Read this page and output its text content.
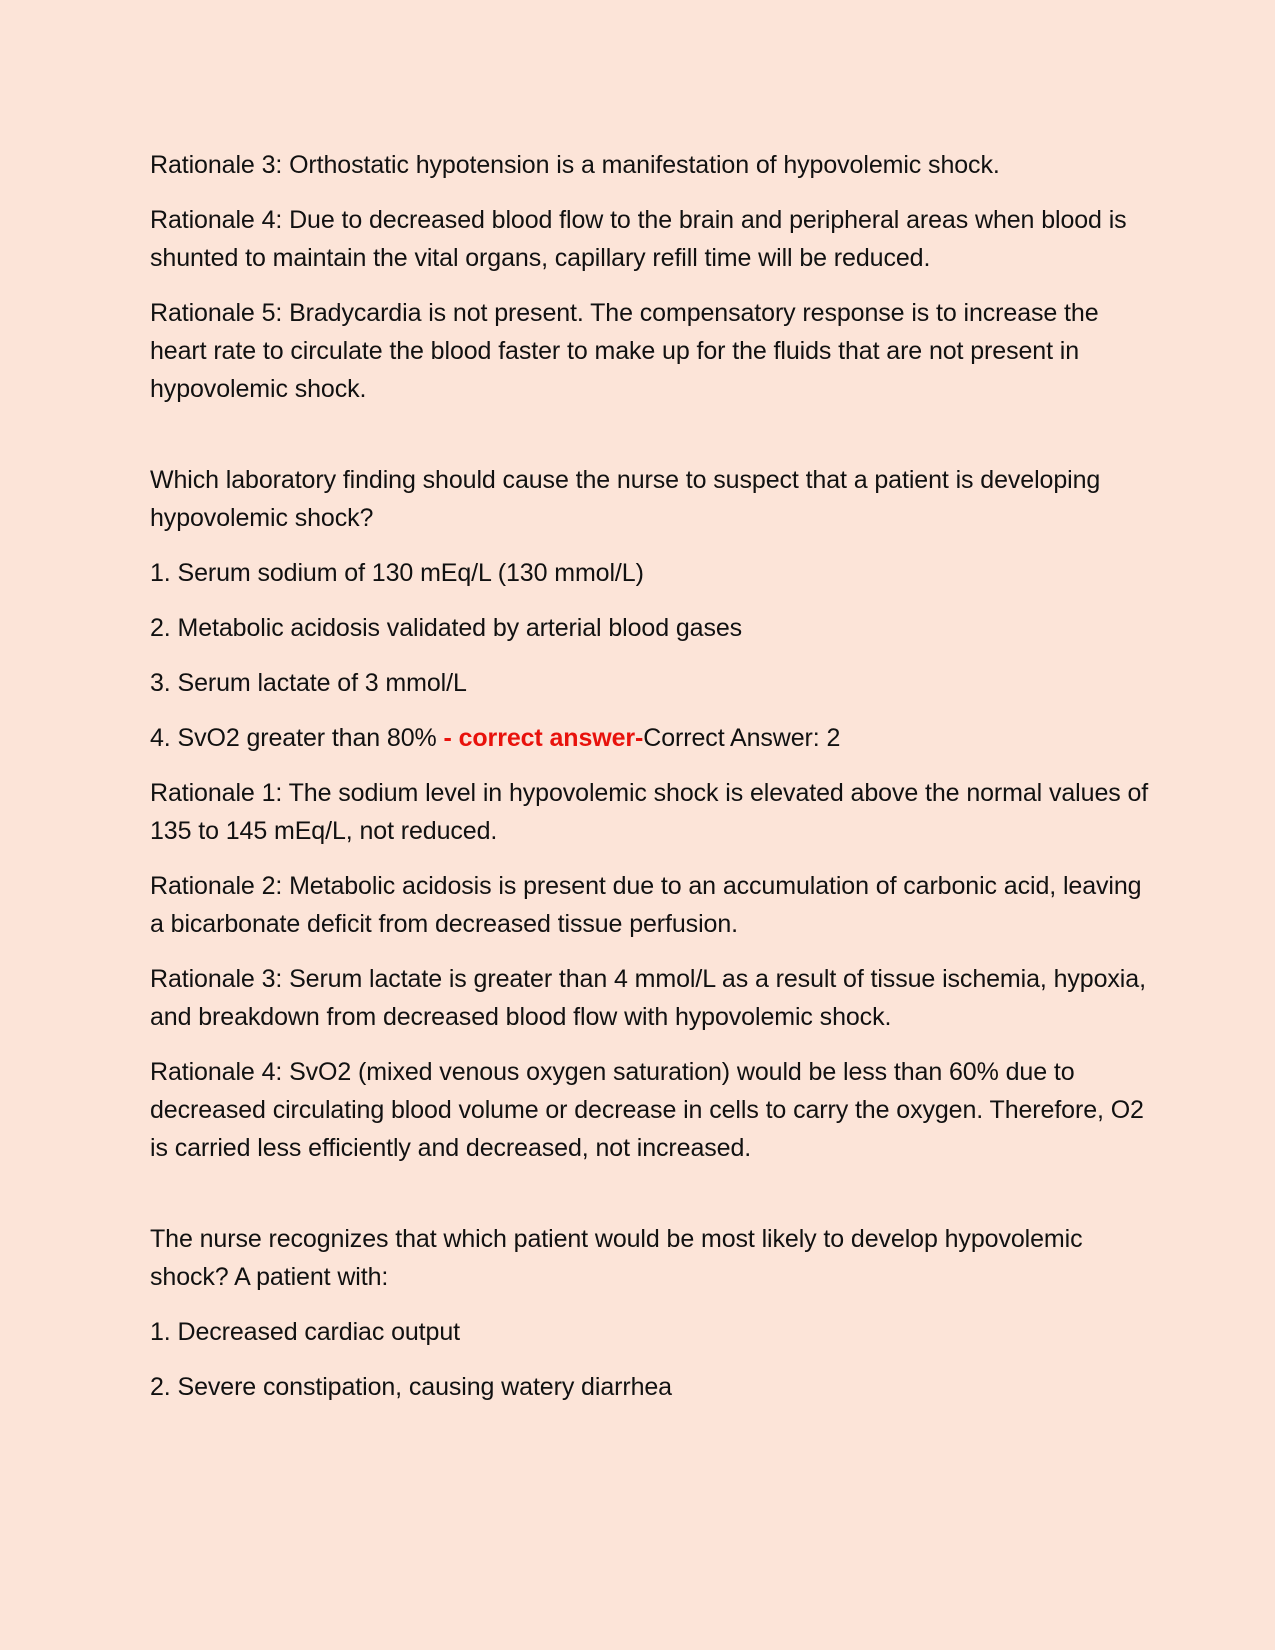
Rationale 3: Orthostatic hypotension is a manifestation of hypovolemic shock.

Rationale 4: Due to decreased blood flow to the brain and peripheral areas when blood is shunted to maintain the vital organs, capillary refill time will be reduced.

Rationale 5: Bradycardia is not present. The compensatory response is to increase the heart rate to circulate the blood faster to make up for the fluids that are not present in hypovolemic shock.

Which laboratory finding should cause the nurse to suspect that a patient is developing hypovolemic shock?

1. Serum sodium of 130 mEq/L (130 mmol/L)

2. Metabolic acidosis validated by arterial blood gases

3. Serum lactate of 3 mmol/L

4. SvO2 greater than 80% - correct answer-Correct Answer: 2

Rationale 1: The sodium level in hypovolemic shock is elevated above the normal values of 135 to 145 mEq/L, not reduced.

Rationale 2: Metabolic acidosis is present due to an accumulation of carbonic acid, leaving a bicarbonate deficit from decreased tissue perfusion.

Rationale 3: Serum lactate is greater than 4 mmol/L as a result of tissue ischemia, hypoxia, and breakdown from decreased blood flow with hypovolemic shock.

Rationale 4: SvO2 (mixed venous oxygen saturation) would be less than 60% due to decreased circulating blood volume or decrease in cells to carry the oxygen. Therefore, O2 is carried less efficiently and decreased, not increased.

The nurse recognizes that which patient would be most likely to develop hypovolemic shock? A patient with:

1. Decreased cardiac output

2. Severe constipation, causing watery diarrhea
